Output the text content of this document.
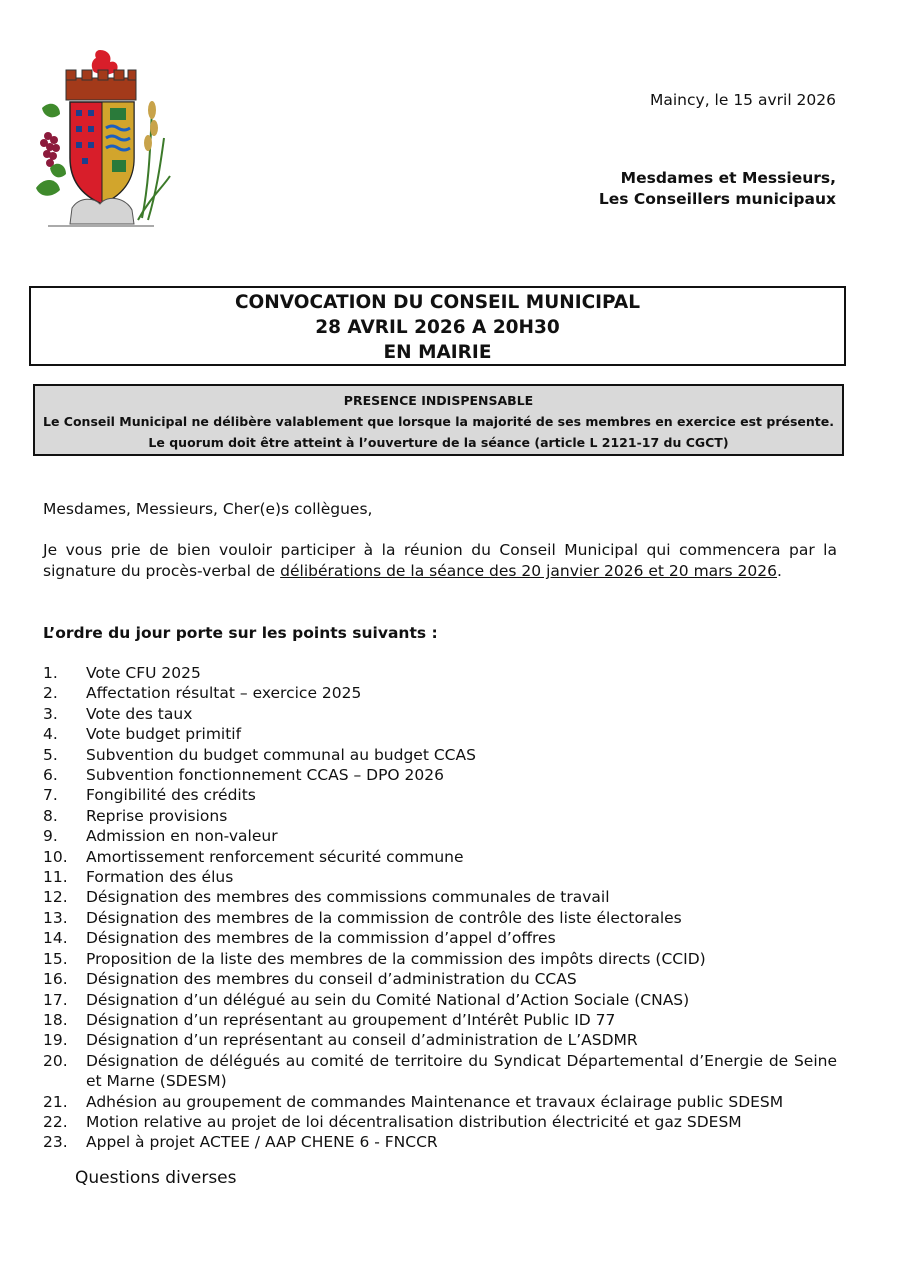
Maincy, le 15 avril 2026
Mesdames et Messieurs,
Les Conseillers municipaux
CONVOCATION DU CONSEIL MUNICIPAL
28 AVRIL 2026 A 20H30
EN MAIRIE
PRESENCE INDISPENSABLE
Le Conseil Municipal ne délibère valablement que lorsque la majorité de ses membres en exercice est présente.
Le quorum doit être atteint à l’ouverture de la séance (article L 2121-17 du CGCT)
Mesdames, Messieurs, Cher(e)s collègues,
Je vous prie de bien vouloir participer à la réunion du Conseil Municipal qui commencera par la signature du procès-verbal de délibérations de la séance des 20 janvier 2026 et 20 mars 2026.
L’ordre du jour porte sur les points suivants :
1.	Vote CFU 2025
2.	Affectation résultat – exercice 2025
3.	Vote des taux
4.	Vote budget primitif
5.	Subvention du budget communal au budget CCAS
6.	Subvention fonctionnement CCAS – DPO 2026
7.	Fongibilité des crédits
8.	Reprise provisions
9.	Admission en non-valeur
10.	Amortissement renforcement sécurité commune
11.	Formation des élus
12.	Désignation des membres des commissions communales de travail
13.	Désignation des membres de la commission de contrôle des liste électorales
14.	Désignation des membres de la commission d’appel d’offres
15.	Proposition de la liste des membres de la commission des impôts directs (CCID)
16.	Désignation des membres du conseil d’administration du CCAS
17.	Désignation d’un délégué au sein du Comité National d’Action Sociale (CNAS)
18.	Désignation d’un représentant au groupement d’Intérêt Public ID 77
19.	Désignation d’un représentant au conseil d’administration de L’ASDMR
20.	Désignation de délégués au comité de territoire du Syndicat Départemental d’Energie de Seine et Marne (SDESM)
21.	Adhésion au groupement de commandes Maintenance et travaux éclairage public SDESM
22.	Motion relative au projet de loi décentralisation distribution électricité et gaz SDESM
23.	Appel à projet ACTEE / AAP CHENE 6 - FNCCR
Questions diverses
